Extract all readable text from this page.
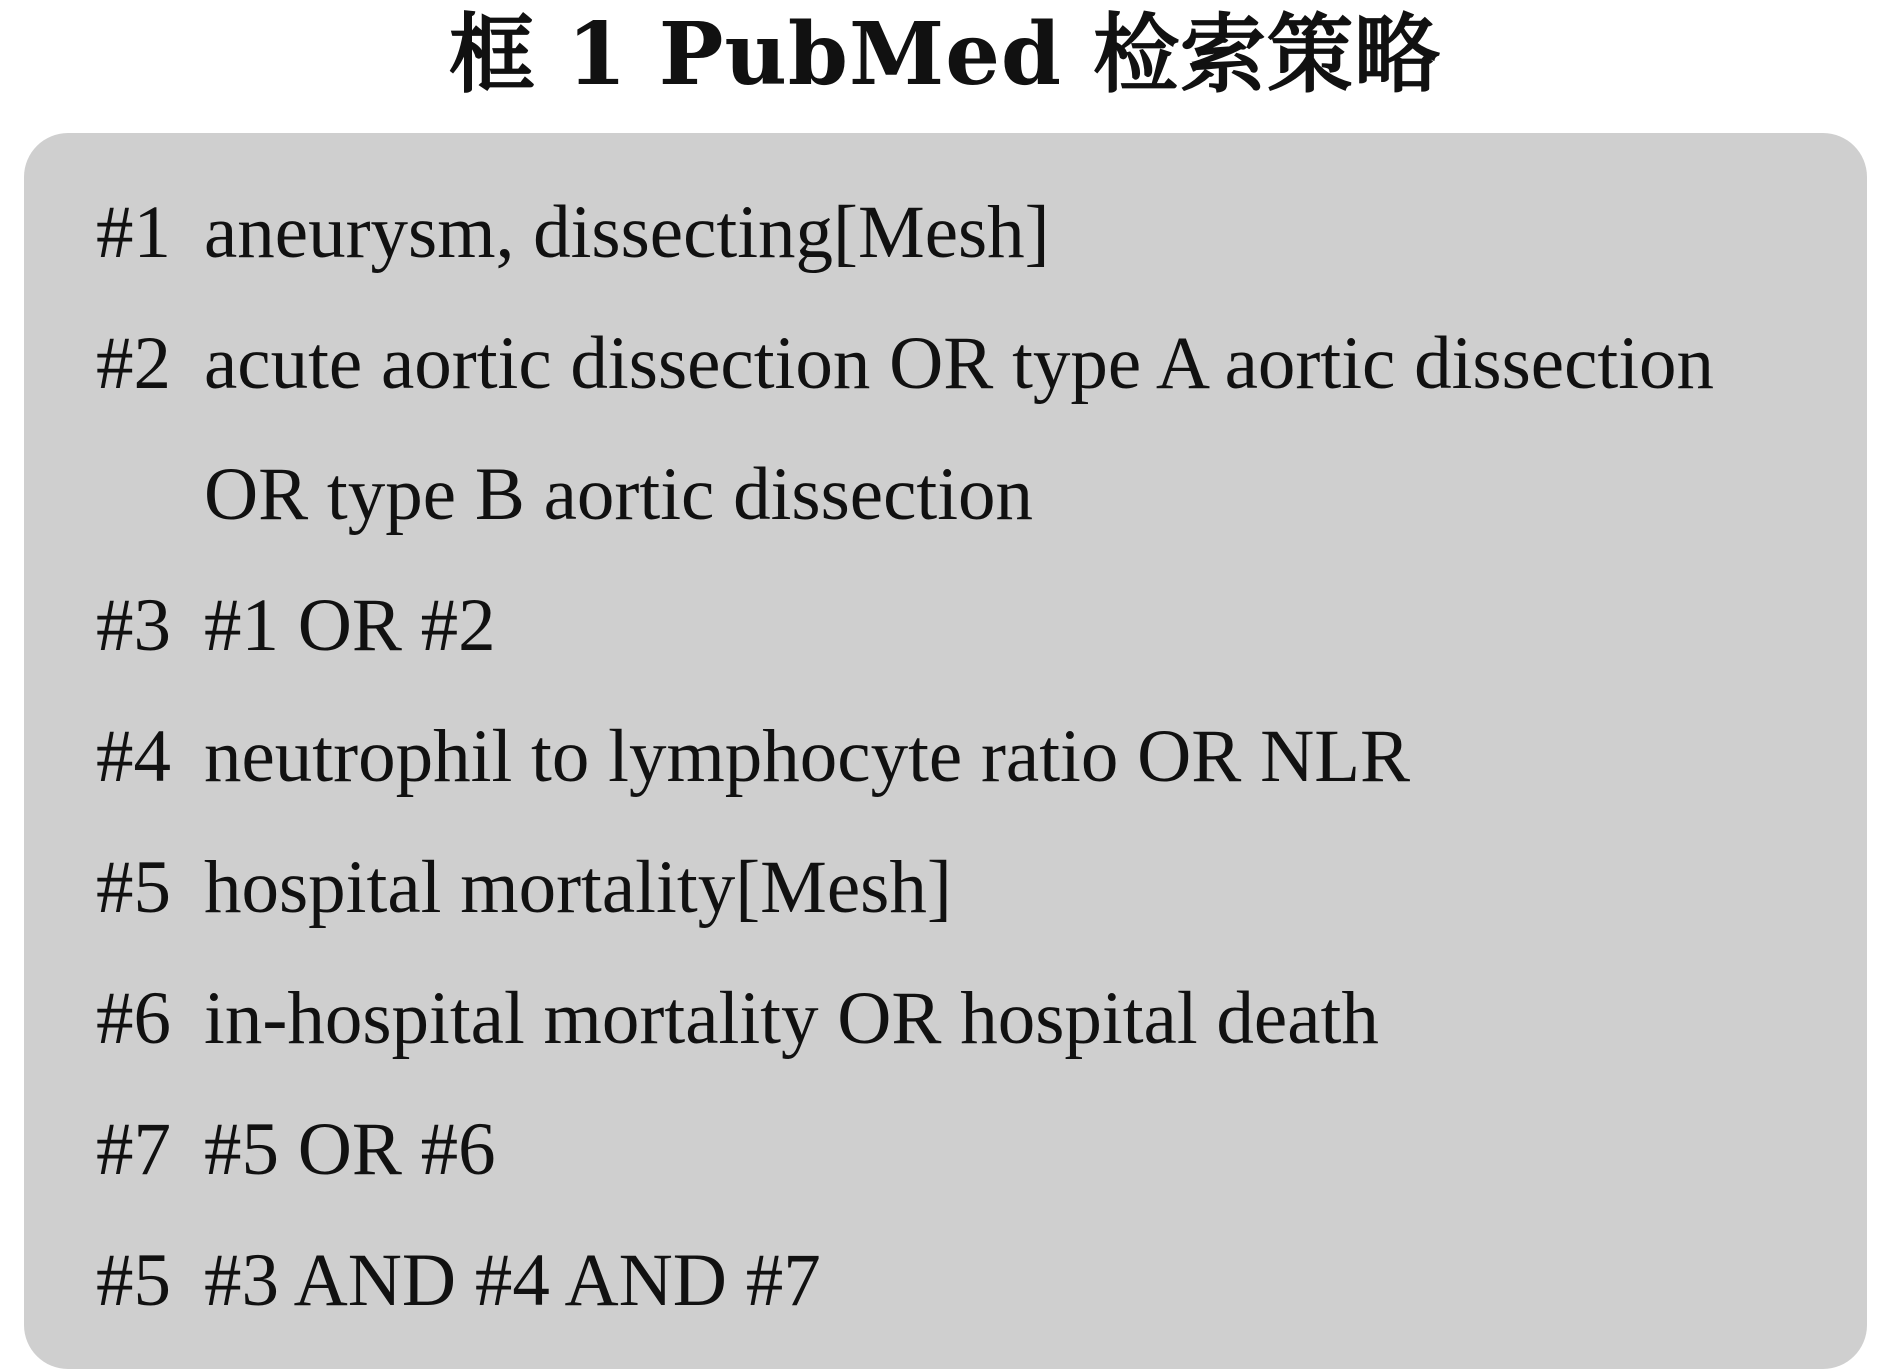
框 1 PubMed 检索策略
#1 aneurysm, dissecting[Mesh]
#2 acute aortic dissection OR type A aortic dissection
OR type B aortic dissection
#3 #1 OR #2
#4 neutrophil to lymphocyte ratio OR NLR
#5 hospital mortality[Mesh]
#6 in-hospital mortality OR hospital death
#7 #5 OR #6
#5 #3 AND #4 AND #7
